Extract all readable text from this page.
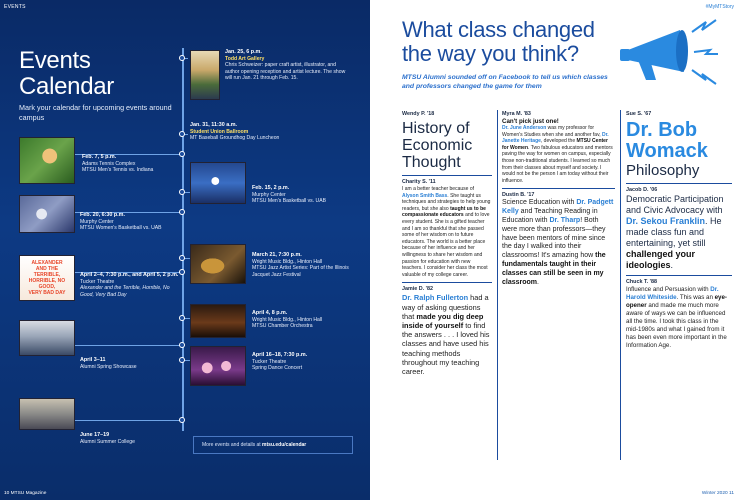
EVENTS
Events
Calendar
Mark your calendar for upcoming events around campus
ALEXANDER
AND THE TERRIBLE,
HORRIBLE, NO GOOD,
VERY BAD DAY
Jan. 25, 6 p.m.
Todd Art Gallery
Chris Schweizer: paper craft artist, illustrator, and author opening reception and artist lecture. The show will run Jan. 21 through Feb. 15.
Jan. 31, 11:30 a.m.
Student Union Ballroom
MT Baseball Groundhog Day Luncheon
Feb. 7, 5 p.m.
Adams Tennis Complex
MTSU Men's Tennis vs. Indiana
Feb. 15, 2 p.m.
Murphy Center
MTSU Men's Basketball vs. UAB
Feb. 20, 6:30 p.m.
Murphy Center
MTSU Women's Basketball vs. UAB
March 21, 7:30 p.m.
Wright Music Bldg., Hinton Hall
MTSU Jazz Artist Series: Part of the Illinois Jacquet Jazz Festival
April 2–4, 7:30 p.m., and April 5, 2 p.m.
Tucker Theatre
Alexander and the Terrible, Horrible, No Good, Very Bad Day
April 4, 8 p.m.
Wright Music Bldg., Hinton Hall
MTSU Chamber Orchestra
April 3–11
Alumni Spring Showcase
April 16–18, 7:30 p.m.
Tucker Theatre
Spring Dance Concert
June 17–19
Alumni Summer College
More events and details at mtsu.edu/calendar
10 MTSU Magazine
#MyMTStory
What class changed
the way you think?
MTSU Alumni sounded off on Facebook to tell us which classes and professors changed the game for them
Wendy P. '18
History of Economic Thought
Charity S. '11
I am a better teacher because of Alyson Smith Bass. She taught us techniques and strategies to help young readers, but she also taught us to be compassionate educators and to love every student. She is a gifted teacher and I am so thankful that she passed some of her wisdom on to future educators. The world is a better place because of her influence and her willingness to share her wisdom and passion for education with new teachers. I consider her class the most valuable of my college career.
Jamie D. '82
Dr. Ralph Fullerton had a way of asking questions that made you dig deep inside of yourself to find the answers . . . I loved his classes and have used his teaching methods throughout my teaching career.
Myra M. '83
Can't pick just one!
Dr. June Anderson was my professor for Women's Studies when she and another fav, Dr. Janette Heritage, developed the MTSU Center for Women. Two fabulous educators and mentors paving the way for women on campus, especially those non-traditional students. I learned so much from their classes about myself and society. I would not be the person I am today without their influence.
Dustin B. '17
Science Education with Dr. Padgett Kelly and Teaching Reading in Education with Dr. Tharp! Both were more than professors—they have been mentors of mine since the day I walked into their classrooms! It's amazing how the fundamentals taught in their classes can still be seen in my classroom.
Sue S. '67
Dr. Bob Womack
Philosophy
Jacob D. '06
Democratic Participation and Civic Advocacy with Dr. Sekou Franklin. He made class fun and entertaining, yet still challenged your ideologies.
Chuck T. '88
Influence and Persuasion with Dr. Harold Whiteside. This was an eye-opener and made me much more aware of ways we can be influenced all the time. I took this class in the mid-1980s and what I gained from it has been even more important in the Information Age.
Winter 2020 11
